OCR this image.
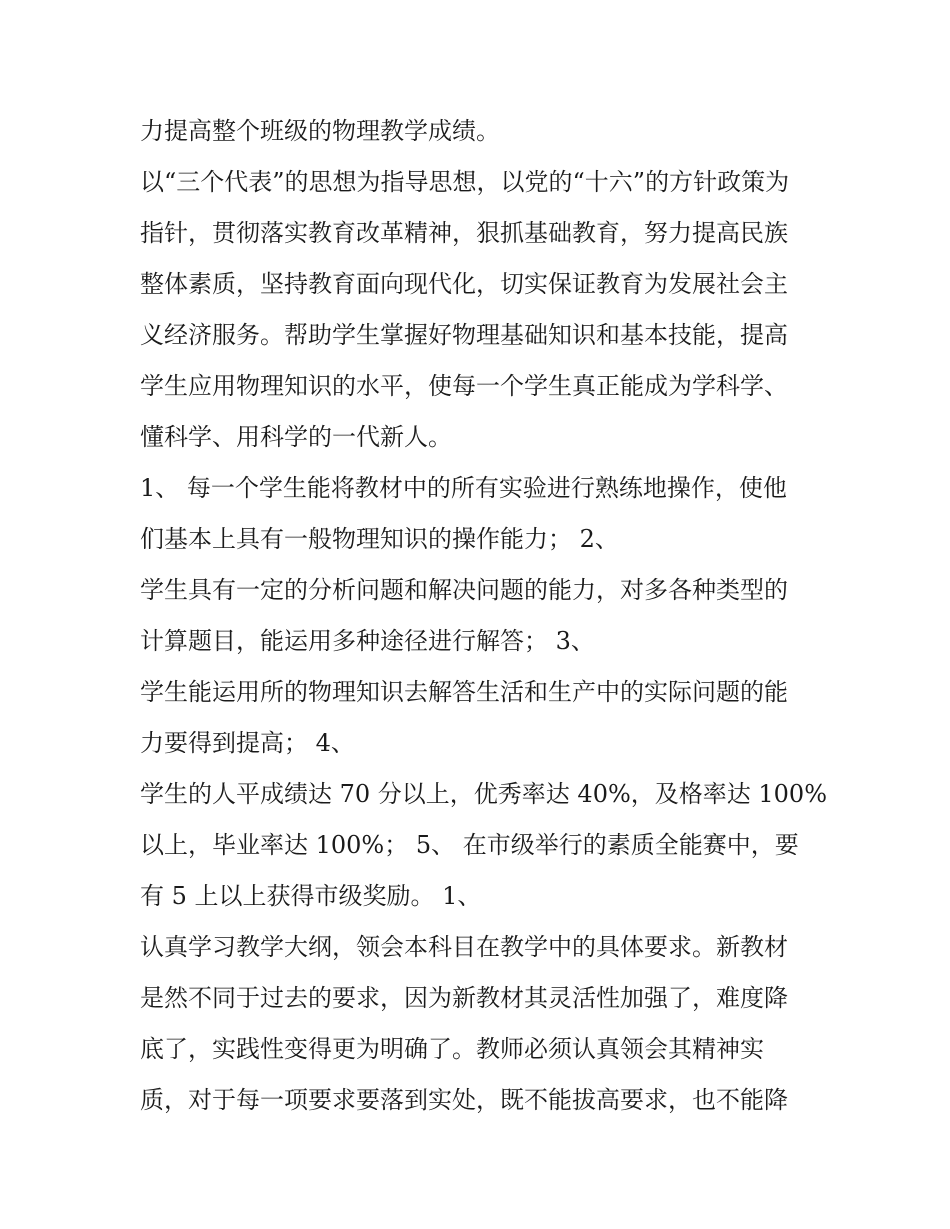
力提高整个班级的物理教学成绩。
以“三个代表”的思想为指导思想，以党的“十六”的方针政策为
指针，贯彻落实教育改革精神，狠抓基础教育，努力提高民族
整体素质，坚持教育面向现代化，切实保证教育为发展社会主
义经济服务。帮助学生掌握好物理基础知识和基本技能，提高
学生应用物理知识的水平，使每一个学生真正能成为学科学、
懂科学、用科学的一代新人。
1、 每一个学生能将教材中的所有实验进行熟练地操作，使他
们基本上具有一般物理知识的操作能力； 2、
学生具有一定的分析问题和解决问题的能力，对多各种类型的
计算题目，能运用多种途径进行解答； 3、
学生能运用所的物理知识去解答生活和生产中的实际问题的能
力要得到提高； 4、
学生的人平成绩达 70 分以上，优秀率达 40%，及格率达 100%
以上，毕业率达 100%； 5、 在市级举行的素质全能赛中，要
有 5 上以上获得市级奖励。 1、
认真学习教学大纲，领会本科目在教学中的具体要求。新教材
是然不同于过去的要求，因为新教材其灵活性加强了，难度降
底了，实践性变得更为明确了。教师必须认真领会其精神实
质，对于每一项要求要落到实处，既不能拔高要求，也不能降
